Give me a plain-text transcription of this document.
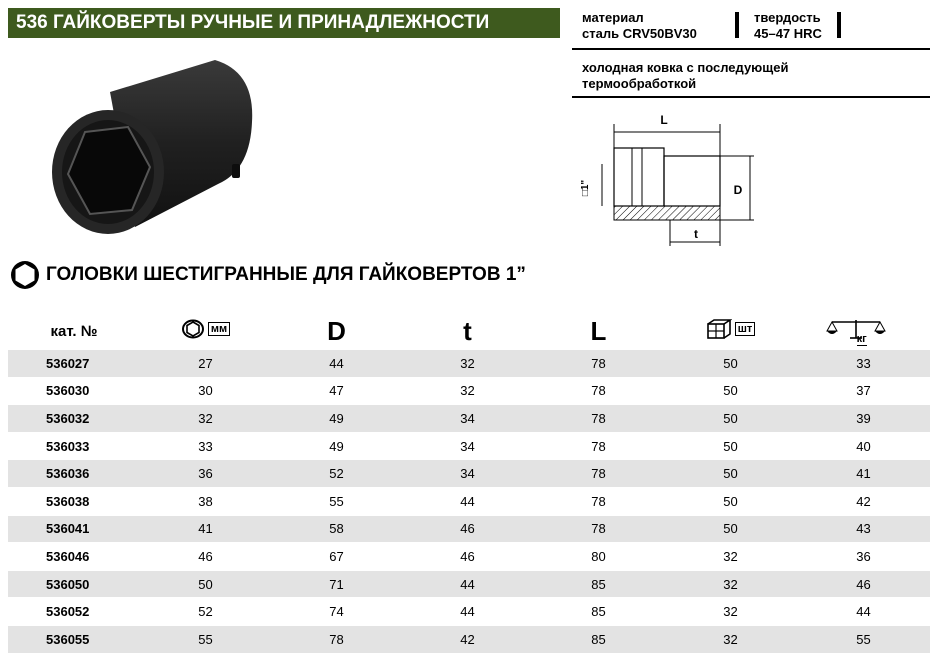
536 ГАЙКОВЕРТЫ РУЧНЫЕ И ПРИНАДЛЕЖНОСТИ	материал
сталь CRV50BV30
твердость
45–47 HRC
холодная ковка с последующей
термообработкой
L
D
□1"
t
ГОЛОВКИ ШЕСТИГРАННЫЕ ДЛЯ ГАЙКОВЕРТОВ 1”
кат. №	мм	D	t	L	шт	кг
536027	27	44	32	78	50	33
536030	30	47	32	78	50	37
536032	32	49	34	78	50	39
536033	33	49	34	78	50	40
536036	36	52	34	78	50	41
536038	38	55	44	78	50	42
536041	41	58	46	78	50	43
536046	46	67	46	80	32	36
536050	50	71	44	85	32	46
536052	52	74	44	85	32	44
536055	55	78	42	85	32	55
